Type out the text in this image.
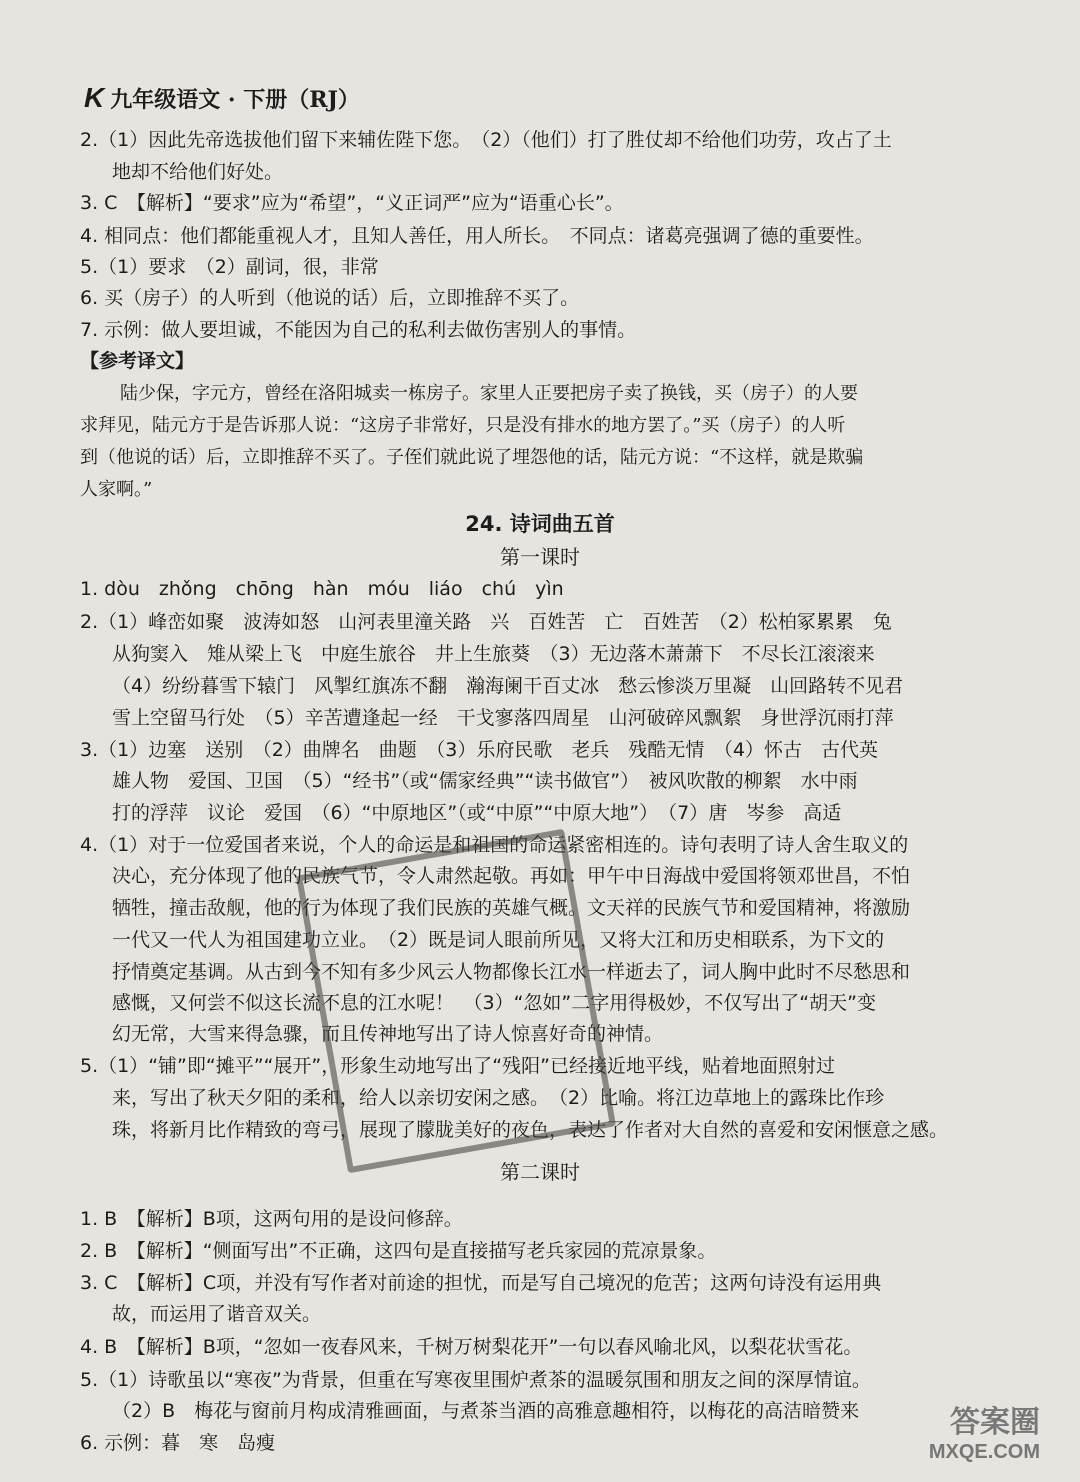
K 九年级语文 · 下册（RJ）
2.（1）因此先帝选拔他们留下来辅佐陛下您。　（2）（他们）打了胜仗却不给他们功劳，攻占了土
地却不给他们好处。
3. C　【解析】“要求”应为“希望”，“义正词严”应为“语重心长”。
4. 相同点：他们都能重视人才，且知人善任，用人所长。　不同点：诸葛亮强调了德的重要性。
5.（1）要求　（2）副词，很，非常
6. 买（房子）的人听到（他说的话）后，立即推辞不买了。
7. 示例：做人要坦诚，不能因为自己的私利去做伤害别人的事情。
【参考译文】
陆少保，字元方，曾经在洛阳城卖一栋房子。家里人正要把房子卖了换钱，买（房子）的人要
求拜见，陆元方于是告诉那人说：“这房子非常好，只是没有排水的地方罢了。”买（房子）的人听
到（他说的话）后，立即推辞不买了。子侄们就此说了埋怨他的话，陆元方说：“不这样，就是欺骗
人家啊。”
24. 诗词曲五首
第一课时
1. dòu　zhǒng　chōng　hàn　móu　liáo　chú　yìn
2.（1）峰峦如聚　波涛如怒　山河表里潼关路　兴　百姓苦　亡　百姓苦　（2）松柏冢累累　兔
从狗窦入　雉从梁上飞　中庭生旅谷　井上生旅葵　（3）无边落木萧萧下　不尽长江滚滚来
（4）纷纷暮雪下辕门　风掣红旗冻不翻　瀚海阑干百丈冰　愁云惨淡万里凝　山回路转不见君
雪上空留马行处　（5）辛苦遭逢起一经　干戈寥落四周星　山河破碎风飘絮　身世浮沉雨打萍
3.（1）边塞　送别　（2）曲牌名　曲题　（3）乐府民歌　老兵　残酷无情　（4）怀古　古代英
雄人物　爱国、卫国　（5）“经书”（或“儒家经典”“读书做官”）　被风吹散的柳絮　水中雨
打的浮萍　议论　爱国　（6）“中原地区”（或“中原”“中原大地”）　（7）唐　岑参　高适
4.（1）对于一位爱国者来说，个人的命运是和祖国的命运紧密相连的。诗句表明了诗人舍生取义的
决心，充分体现了他的民族气节，令人肃然起敬。再如：甲午中日海战中爱国将领邓世昌，不怕
牺牲，撞击敌舰，他的行为体现了我们民族的英雄气概。文天祥的民族气节和爱国精神，将激励
一代又一代人为祖国建功立业。　（2）既是词人眼前所见，又将大江和历史相联系，为下文的
抒情奠定基调。从古到今不知有多少风云人物都像长江水一样逝去了，词人胸中此时不尽愁思和
感慨，又何尝不似这长流不息的江水呢！　（3）“忽如”二字用得极妙，不仅写出了“胡天”变
幻无常，大雪来得急骤，而且传神地写出了诗人惊喜好奇的神情。
5.（1）“铺”即“摊平”“展开”，形象生动地写出了“残阳”已经接近地平线，贴着地面照射过
来，写出了秋天夕阳的柔和，给人以亲切安闲之感。　（2）比喻。将江边草地上的露珠比作珍
珠，将新月比作精致的弯弓，展现了朦胧美好的夜色，表达了作者对大自然的喜爱和安闲惬意之感。
第二课时
1. B　【解析】B项，这两句用的是设问修辞。
2. B　【解析】“侧面写出”不正确，这四句是直接描写老兵家园的荒凉景象。
3. C　【解析】C项，并没有写作者对前途的担忧，而是写自己境况的危苦；这两句诗没有运用典
故，而运用了谐音双关。
4. B　【解析】B项，“忽如一夜春风来，千树万树梨花开”一句以春风喻北风，以梨花状雪花。
5.（1）诗歌虽以“寒夜”为背景，但重在写寒夜里围炉煮茶的温暖氛围和朋友之间的深厚情谊。
（2）B　梅花与窗前月构成清雅画面，与煮茶当酒的高雅意趣相符，以梅花的高洁暗赞来
6. 示例：暮　寒　岛瘦
答案圈
MXQE.COM
